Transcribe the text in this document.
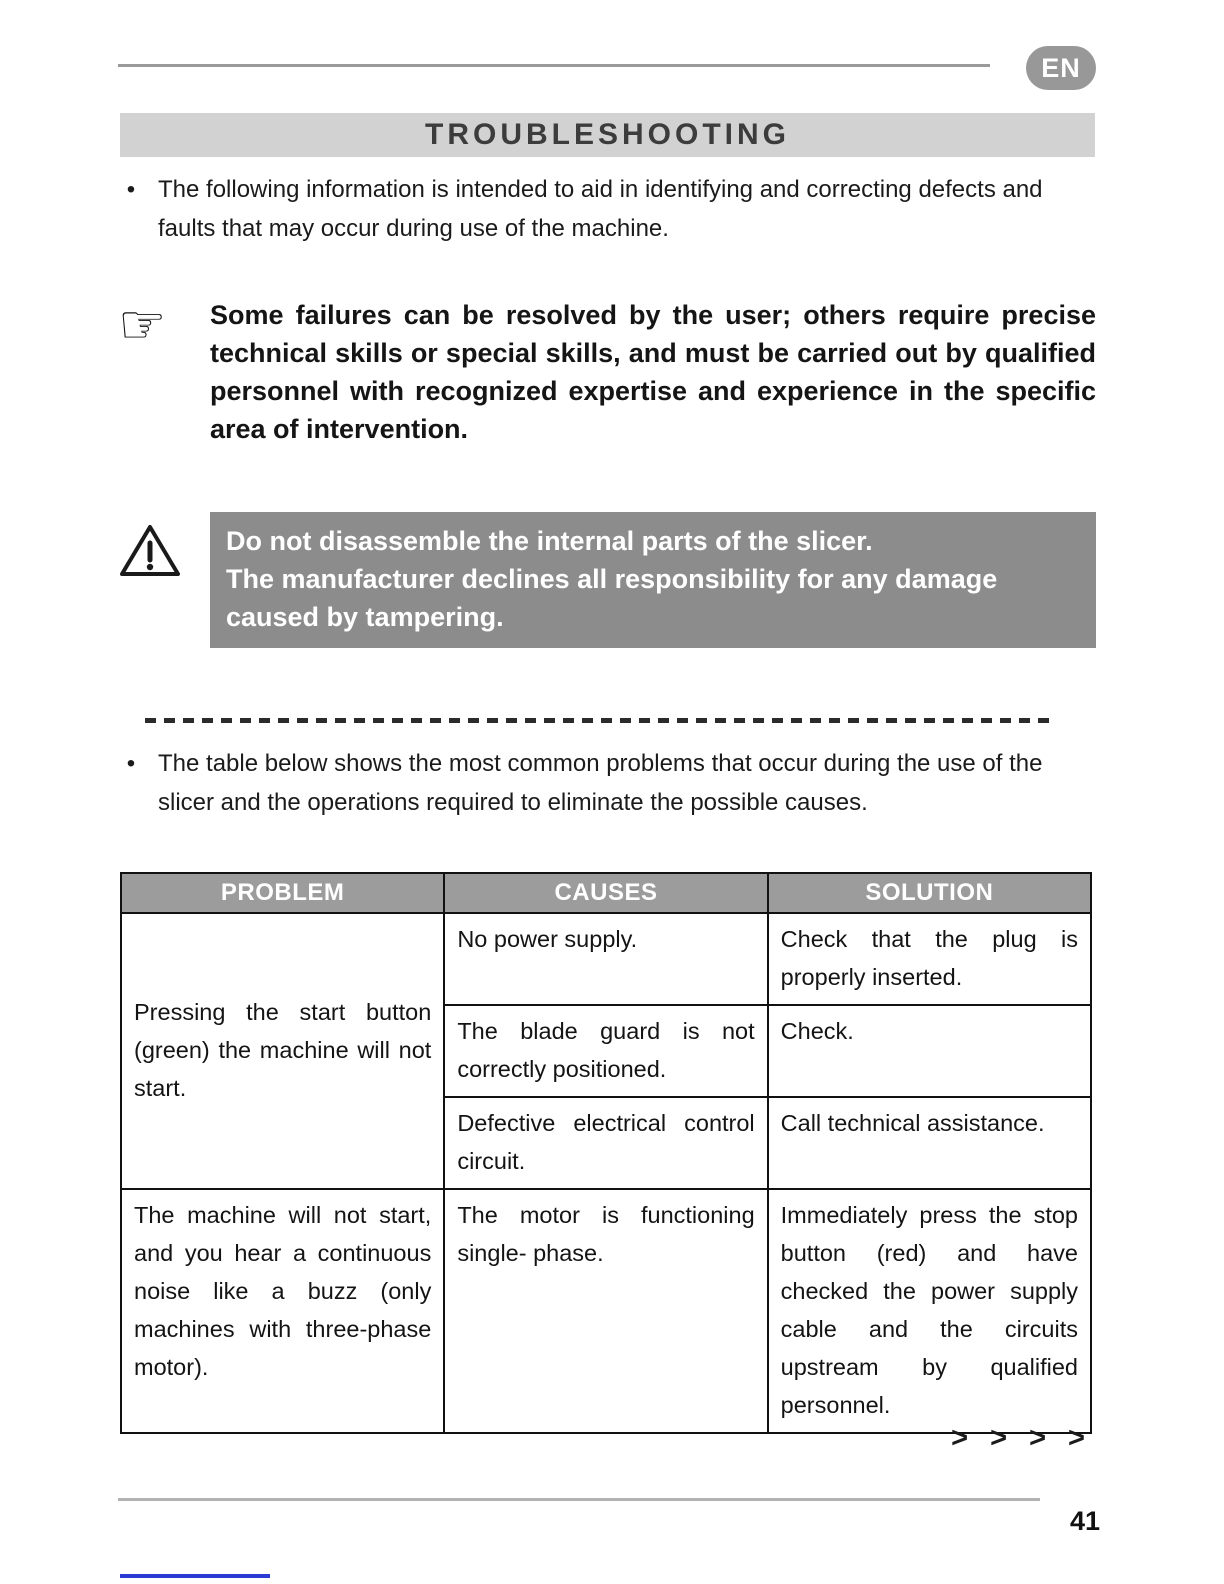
EN
TROUBLESHOOTING
• The following information is intended to aid in identifying and correcting defects and faults that may occur during use of the machine.
☞	Some failures can be resolved by the user; others require precise technical skills or special skills, and must be carried out by qualified personnel with recognized expertise and experience in the specific area of intervention.
Do not disassemble the internal parts of the slicer.
The manufacturer declines all responsibility for any damage caused by tampering.
• The table below shows the most common problems that occur during the use of the slicer and the operations required to eliminate the possible causes.
PROBLEM	CAUSES	SOLUTION
Pressing the start button (green) the machine will not start.	No power supply.	Check that the plug is properly inserted.
	The blade guard is not correctly positioned.	Check.
	Defective electrical control circuit.	Call technical assistance.
The machine will not start, and you hear a continuous noise like a buzz (only machines with three-phase motor).	The motor is functioning single- phase.	Immediately press the stop button (red) and have checked the power supply cable and the circuits upstream by qualified personnel.
> > > >
41
